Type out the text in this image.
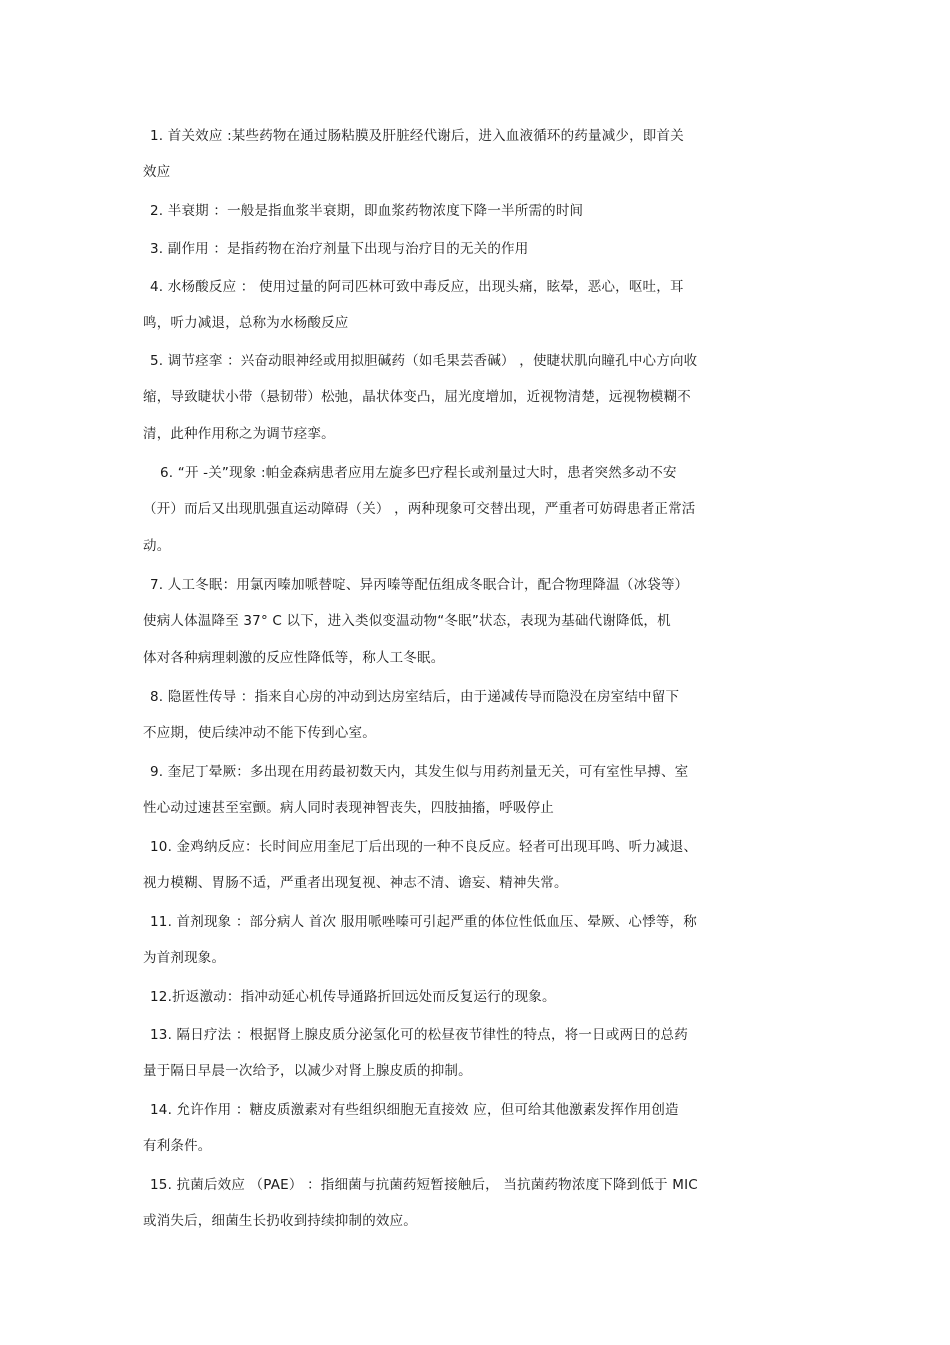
1. 首关效应 :某些药物在通过肠粘膜及肝脏经代谢后，进入血液循环的药量减少，即首关
效应
2. 半衰期 ：一般是指血浆半衰期，即血浆药物浓度下降一半所需的时间
3. 副作用 ：是指药物在治疗剂量下出现与治疗目的无关的作用
4. 水杨酸反应 ： 使用过量的阿司匹林可致中毒反应，出现头痛，眩晕，恶心，呕吐，耳
鸣，听力减退，总称为水杨酸反应
5. 调节痉挛 ：兴奋动眼神经或用拟胆碱药（如毛果芸香碱） ，使睫状肌向瞳孔中心方向收
缩，导致睫状小带（悬韧带）松弛，晶状体变凸，屈光度增加，近视物清楚，远视物模糊不
清，此种作用称之为调节痉挛。
6. “开 -关”现象 :帕金森病患者应用左旋多巴疗程长或剂量过大时，患者突然多动不安
（开）而后又出现肌强直运动障碍（关） ，两种现象可交替出现，严重者可妨碍患者正常活
动。
7. 人工冬眠：用氯丙嗪加哌替啶、异丙嗪等配伍组成冬眠合计，配合物理降温（冰袋等）
使病人体温降至 37° C 以下，进入类似变温动物“冬眠”状态，表现为基础代谢降低，机
体对各种病理刺激的反应性降低等，称人工冬眠。
8. 隐匿性传导 ：指来自心房的冲动到达房室结后，由于递减传导而隐没在房室结中留下
不应期，使后续冲动不能下传到心室。
9. 奎尼丁晕厥：多出现在用药最初数天内，其发生似与用药剂量无关，可有室性早搏、室
性心动过速甚至室颤。病人同时表现神智丧失，四肢抽搐，呼吸停止
10. 金鸡纳反应：长时间应用奎尼丁后出现的一种不良反应。轻者可出现耳鸣、听力减退、
视力模糊、胃肠不适，严重者出现复视、神志不清、谵妄、精神失常。
11. 首剂现象 ：部分病人 首次 服用哌唑嗪可引起严重的体位性低血压、晕厥、心悸等，称
为首剂现象。
12.折返激动：指冲动延心机传导通路折回远处而反复运行的现象。
13. 隔日疗法 ：根据肾上腺皮质分泌氢化可的松昼夜节律性的特点，将一日或两日的总药
量于隔日早晨一次给予，以减少对肾上腺皮质的抑制。
14. 允许作用 ：糖皮质激素对有些组织细胞无直接效 应，但可给其他激素发挥作用创造
有利条件。
15. 抗菌后效应 （PAE） ：指细菌与抗菌药短暂接触后， 当抗菌药物浓度下降到低于 MIC
或消失后，细菌生长扔收到持续抑制的效应。
